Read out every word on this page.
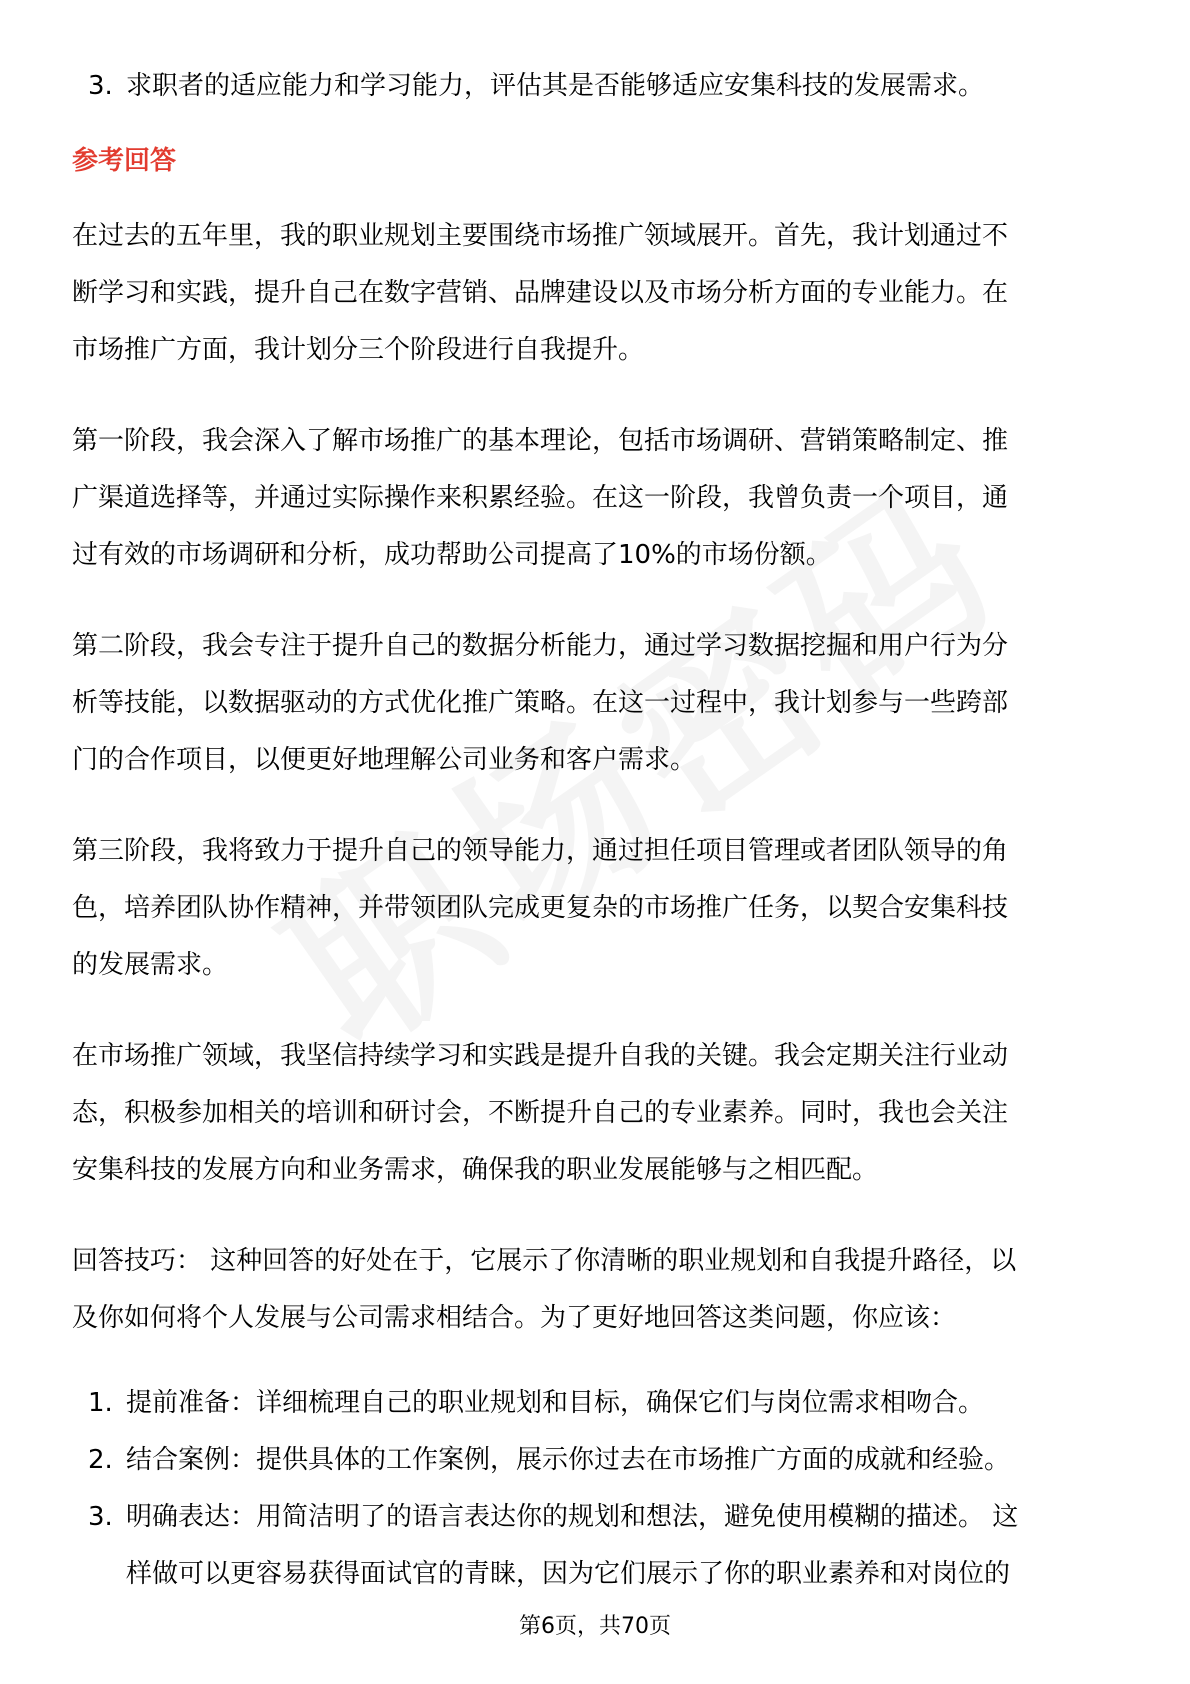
3. 求职者的适应能力和学习能力，评估其是否能够适应安集科技的发展需求。
参考回答
在过去的五年里，我的职业规划主要围绕市场推广领域展开。首先，我计划通过不
断学习和实践，提升自己在数字营销、品牌建设以及市场分析方面的专业能力。在
市场推广方面，我计划分三个阶段进行自我提升。
第一阶段，我会深入了解市场推广的基本理论，包括市场调研、营销策略制定、推
广渠道选择等，并通过实际操作来积累经验。在这一阶段，我曾负责一个项目，通
过有效的市场调研和分析，成功帮助公司提高了10%的市场份额。
第二阶段，我会专注于提升自己的数据分析能力，通过学习数据挖掘和用户行为分
析等技能，以数据驱动的方式优化推广策略。在这一过程中，我计划参与一些跨部
门的合作项目，以便更好地理解公司业务和客户需求。
第三阶段，我将致力于提升自己的领导能力，通过担任项目管理或者团队领导的角
色，培养团队协作精神，并带领团队完成更复杂的市场推广任务，以契合安集科技
的发展需求。
在市场推广领域，我坚信持续学习和实践是提升自我的关键。我会定期关注行业动
态，积极参加相关的培训和研讨会，不断提升自己的专业素养。同时，我也会关注
安集科技的发展方向和业务需求，确保我的职业发展能够与之相匹配。
回答技巧： 这种回答的好处在于，它展示了你清晰的职业规划和自我提升路径，以
及你如何将个人发展与公司需求相结合。为了更好地回答这类问题，你应该：
1. 提前准备：详细梳理自己的职业规划和目标，确保它们与岗位需求相吻合。
2. 结合案例：提供具体的工作案例，展示你过去在市场推广方面的成就和经验。
3. 明确表达：用简洁明了的语言表达你的规划和想法，避免使用模糊的描述。 这
样做可以更容易获得面试官的青睐，因为它们展示了你的职业素养和对岗位的
第6页，共70页
